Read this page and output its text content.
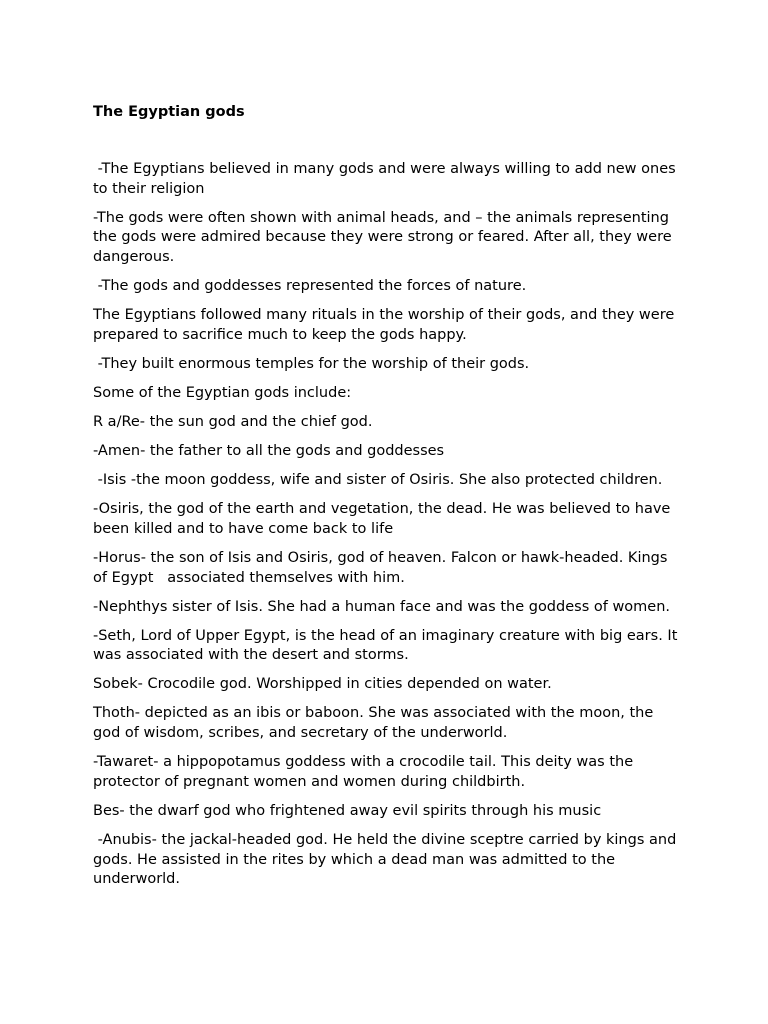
The Egyptian gods

-The Egyptians believed in many gods and were always willing to add new ones to their religion

-The gods were often shown with animal heads, and – the animals representing the gods were admired because they were strong or feared. After all, they were dangerous.

-The gods and goddesses represented the forces of nature.

The Egyptians followed many rituals in the worship of their gods, and they were prepared to sacrifice much to keep the gods happy.

-They built enormous temples for the worship of their gods.

Some of the Egyptian gods include:

R a/Re- the sun god and the chief god.

-Amen- the father to all the gods and goddesses

-Isis -the moon goddess, wife and sister of Osiris. She also protected children.

-Osiris, the god of the earth and vegetation, the dead. He was believed to have been killed and to have come back to life

-Horus- the son of Isis and Osiris, god of heaven. Falcon or hawk-headed. Kings of Egypt   associated themselves with him.

-Nephthys sister of Isis. She had a human face and was the goddess of women.

-Seth, Lord of Upper Egypt, is the head of an imaginary creature with big ears. It was associated with the desert and storms.

Sobek- Crocodile god. Worshipped in cities depended on water.

Thoth- depicted as an ibis or baboon. She was associated with the moon, the god of wisdom, scribes, and secretary of the underworld.

-Tawaret- a hippopotamus goddess with a crocodile tail. This deity was the protector of pregnant women and women during childbirth.

Bes- the dwarf god who frightened away evil spirits through his music

-Anubis- the jackal-headed god. He held the divine sceptre carried by kings and gods. He assisted in the rites by which a dead man was admitted to the underworld.
